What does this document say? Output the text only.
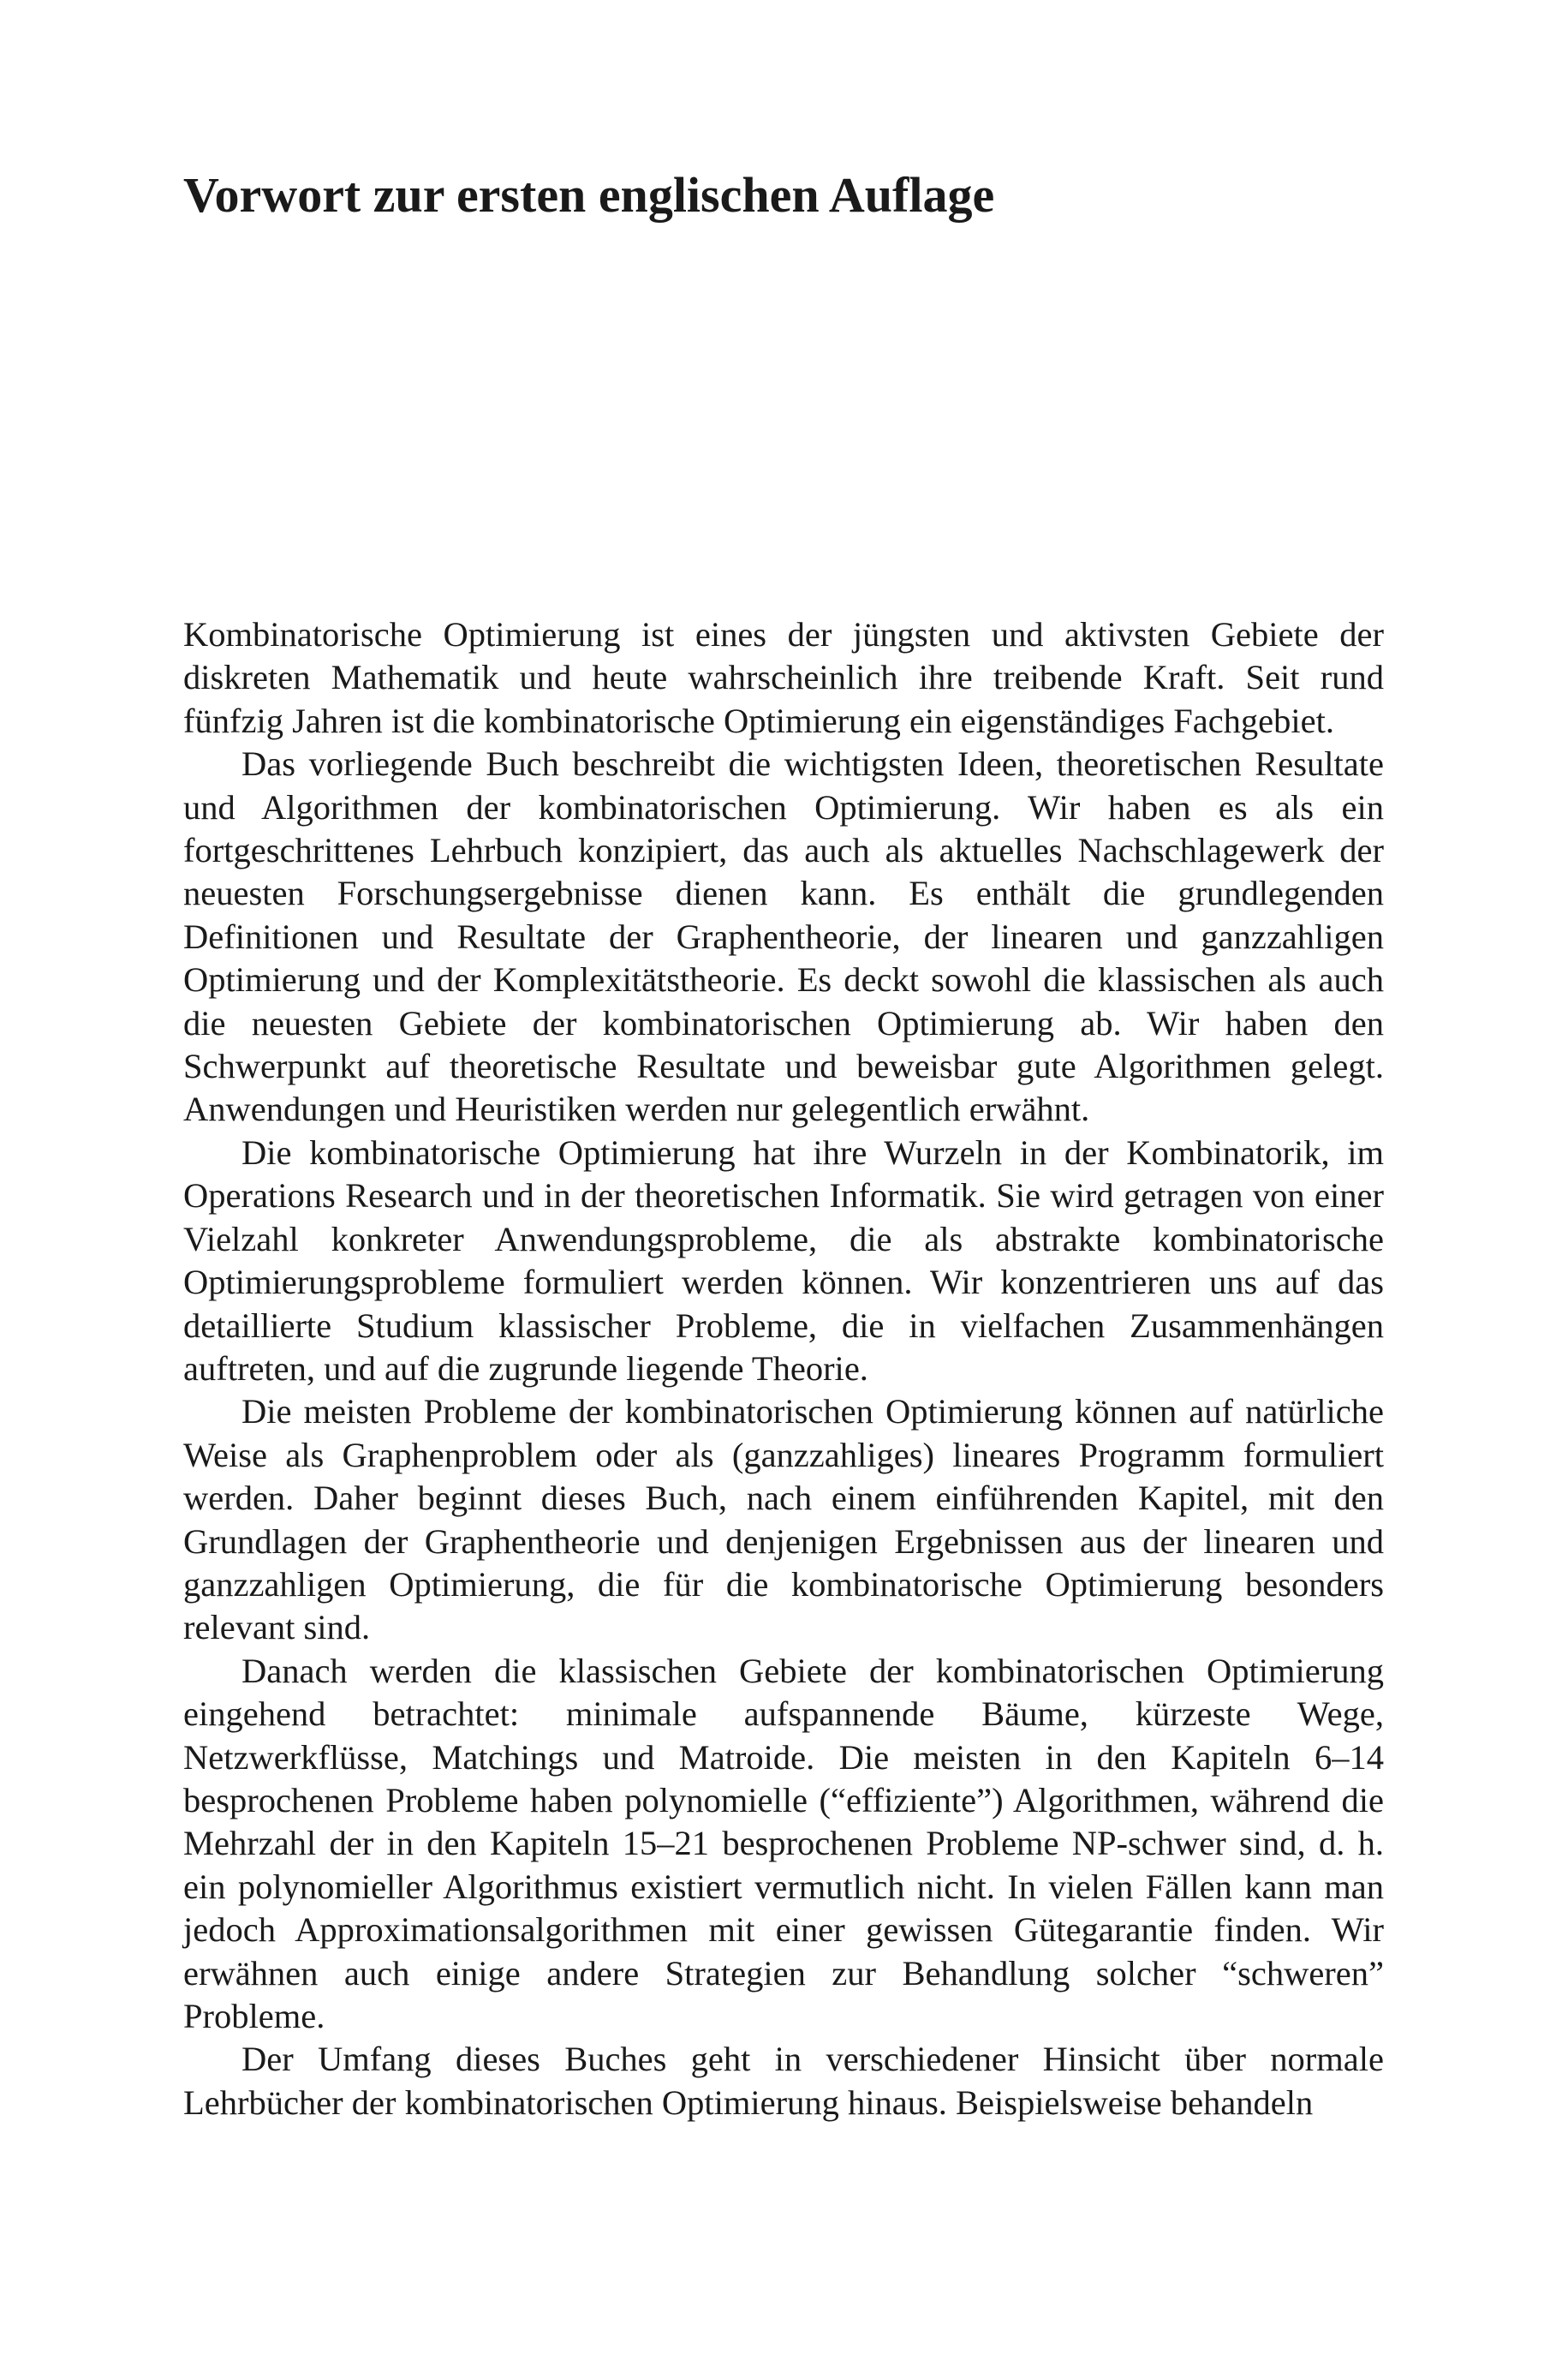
Vorwort zur ersten englischen Auflage

Kombinatorische Optimierung ist eines der jüngsten und aktivsten Gebiete der diskreten Mathematik und heute wahrscheinlich ihre treibende Kraft. Seit rund fünfzig Jahren ist die kombinatorische Optimierung ein eigenständiges Fachgebiet.

Das vorliegende Buch beschreibt die wichtigsten Ideen, theoretischen Resultate und Algorithmen der kombinatorischen Optimierung. Wir haben es als ein fortgeschrittenes Lehrbuch konzipiert, das auch als aktuelles Nachschlagewerk der neuesten Forschungsergebnisse dienen kann. Es enthält die grundlegenden Definitionen und Resultate der Graphentheorie, der linearen und ganzzahligen Optimierung und der Komplexitätstheorie. Es deckt sowohl die klassischen als auch die neuesten Gebiete der kombinatorischen Optimierung ab. Wir haben den Schwerpunkt auf theoretische Resultate und beweisbar gute Algorithmen gelegt. Anwendungen und Heuristiken werden nur gelegentlich erwähnt.

Die kombinatorische Optimierung hat ihre Wurzeln in der Kombinatorik, im Operations Research und in der theoretischen Informatik. Sie wird getragen von einer Vielzahl konkreter Anwendungsprobleme, die als abstrakte kombinatorische Optimierungsprobleme formuliert werden können. Wir konzentrieren uns auf das detaillierte Studium klassischer Probleme, die in vielfachen Zusammenhängen auftreten, und auf die zugrunde liegende Theorie.

Die meisten Probleme der kombinatorischen Optimierung können auf natürliche Weise als Graphenproblem oder als (ganzzahliges) lineares Programm formuliert werden. Daher beginnt dieses Buch, nach einem einführenden Kapitel, mit den Grundlagen der Graphentheorie und denjenigen Ergebnissen aus der linearen und ganzzahligen Optimierung, die für die kombinatorische Optimierung besonders relevant sind.

Danach werden die klassischen Gebiete der kombinatorischen Optimierung eingehend betrachtet: minimale aufspannende Bäume, kürzeste Wege, Netzwerkflüsse, Matchings und Matroide. Die meisten in den Kapiteln 6–14 besprochenen Probleme haben polynomielle (“effiziente”) Algorithmen, während die Mehrzahl der in den Kapiteln 15–21 besprochenen Probleme NP-schwer sind, d. h. ein polynomieller Algorithmus existiert vermutlich nicht. In vielen Fällen kann man jedoch Approximationsalgorithmen mit einer gewissen Gütegarantie finden. Wir erwähnen auch einige andere Strategien zur Behandlung solcher “schweren” Probleme.

Der Umfang dieses Buches geht in verschiedener Hinsicht über normale Lehrbücher der kombinatorischen Optimierung hinaus. Beispielsweise behandeln
